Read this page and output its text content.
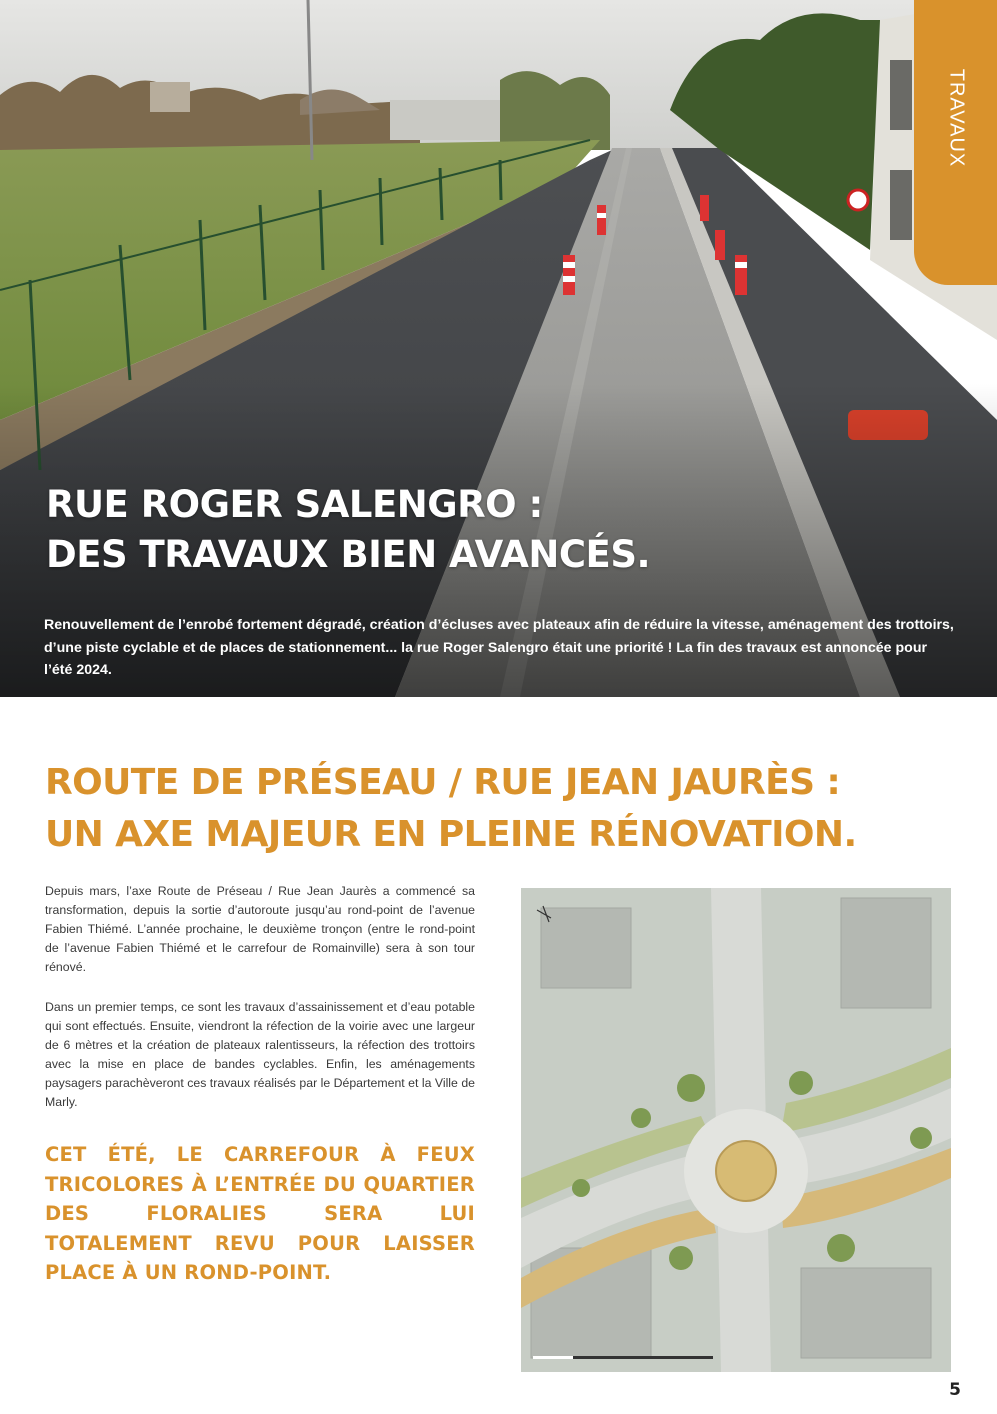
RUE ROGER SALENGRO :
DES TRAVAUX BIEN AVANCÉS.

Renouvellement de l’enrobé fortement dégradé, création d’écluses avec plateaux afin de réduire la vitesse, aménagement des trottoirs, d’une piste cyclable et de places de stationnement... la rue Roger Salengro était une priorité ! La fin des travaux est annoncée pour l’été 2024.

TRAVAUX
ROUTE DE PRÉSEAU / RUE JEAN JAURÈS :
UN AXE MAJEUR EN PLEINE RÉNOVATION.

Depuis mars, l’axe Route de Préseau / Rue Jean Jaurès a commencé sa transformation, depuis la sortie d’autoroute jusqu’au rond-point de l’avenue Fabien Thiémé. L’année prochaine, le deuxième tronçon (entre le rond-point de l’avenue Fabien Thiémé et le carrefour de Romainville) sera à son tour rénové.

Dans un premier temps, ce sont les travaux d’assainissement et d’eau potable qui sont effectués. Ensuite, viendront la réfection de la voirie avec une largeur de 6 mètres et la création de plateaux ralentisseurs, la réfection des trottoirs avec la mise en place de bandes cyclables. Enfin, les aménagements paysagers parachèveront ces travaux réalisés par le Département et la Ville de Marly.

CET ÉTÉ, LE CARREFOUR À FEUX TRICOLORES À L’ENTRÉE DU QUARTIER DES FLORALIES SERA LUI TOTALEMENT REVU POUR LAISSER PLACE À UN ROND-POINT.

5
